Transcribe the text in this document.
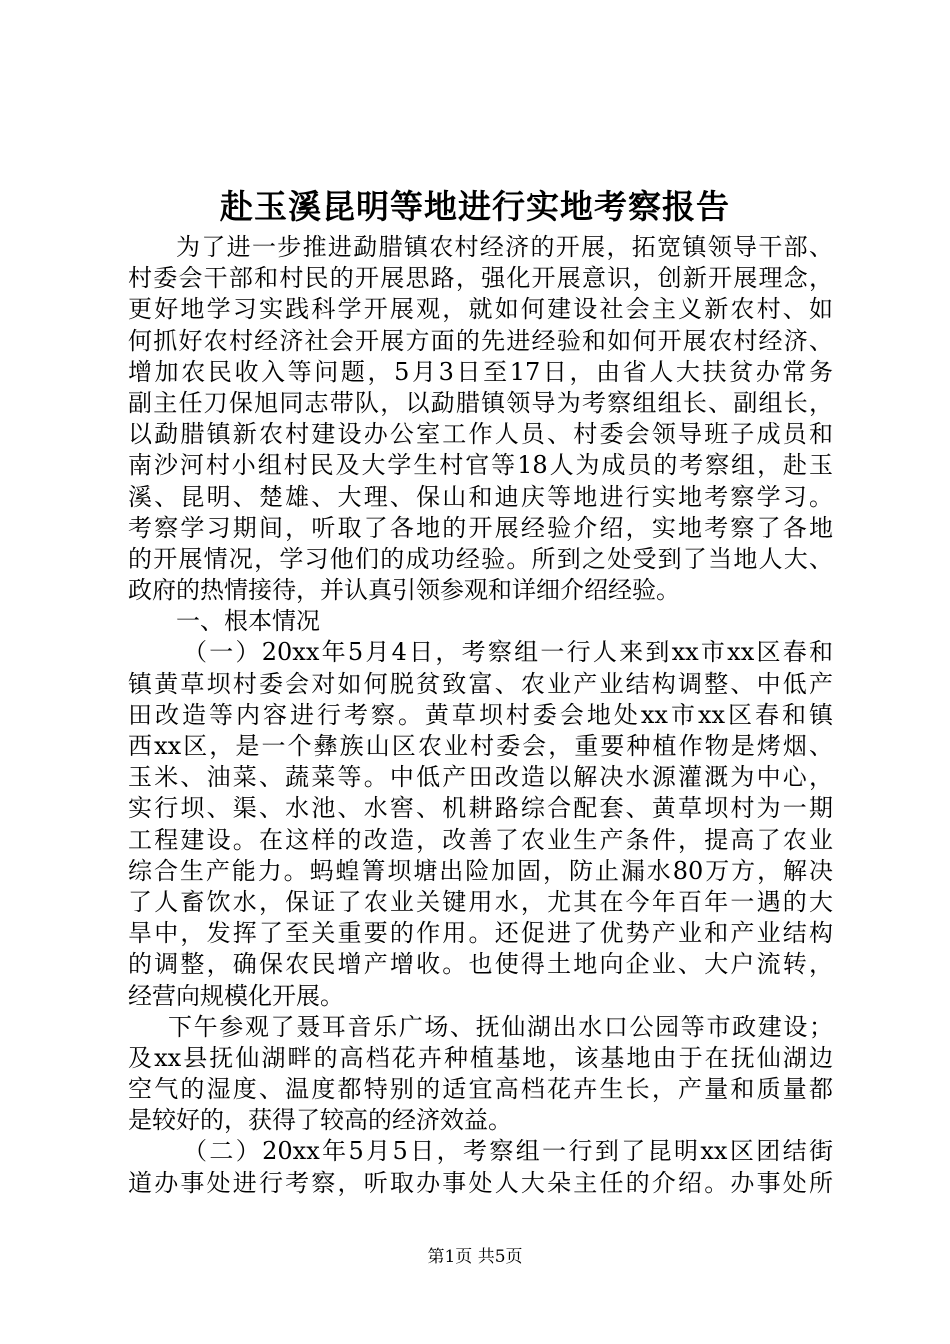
赴玉溪昆明等地进行实地考察报告
为了进一步推进勐腊镇农村经济的开展，拓宽镇领导干部、
村委会干部和村民的开展思路，强化开展意识，创新开展理念，
更好地学习实践科学开展观，就如何建设社会主义新农村、如
何抓好农村经济社会开展方面的先进经验和如何开展农村经济、
增加农民收入等问题，5月3日至17日，由省人大扶贫办常务
副主任刀保旭同志带队，以勐腊镇领导为考察组组长、副组长，
以勐腊镇新农村建设办公室工作人员、村委会领导班子成员和
南沙河村小组村民及大学生村官等18人为成员的考察组，赴玉
溪、昆明、楚雄、大理、保山和迪庆等地进行实地考察学习。
考察学习期间，听取了各地的开展经验介绍，实地考察了各地
的开展情况，学习他们的成功经验。所到之处受到了当地人大、
政府的热情接待，并认真引领参观和详细介绍经验。
一、根本情况
（一）20xx年5月4日，考察组一行人来到xx市xx区春和
镇黄草坝村委会对如何脱贫致富、农业产业结构调整、中低产
田改造等内容进行考察。黄草坝村委会地处xx市xx区春和镇
西xx区，是一个彝族山区农业村委会，重要种植作物是烤烟、
玉米、油菜、蔬菜等。中低产田改造以解决水源灌溉为中心，
实行坝、渠、水池、水窖、机耕路综合配套、黄草坝村为一期
工程建设。在这样的改造，改善了农业生产条件，提高了农业
综合生产能力。蚂蝗箐坝塘出险加固，防止漏水80万方，解决
了人畜饮水，保证了农业关键用水，尤其在今年百年一遇的大
旱中，发挥了至关重要的作用。还促进了优势产业和产业结构
的调整，确保农民增产增收。也使得土地向企业、大户流转，
经营向规模化开展。
下午参观了聂耳音乐广场、抚仙湖出水口公园等市政建设；
及xx县抚仙湖畔的高档花卉种植基地，该基地由于在抚仙湖边
空气的湿度、温度都特别的适宜高档花卉生长，产量和质量都
是较好的，获得了较高的经济效益。
（二）20xx年5月5日，考察组一行到了昆明xx区团结街
道办事处进行考察，听取办事处人大朵主任的介绍。办事处所
第1页 共5页
